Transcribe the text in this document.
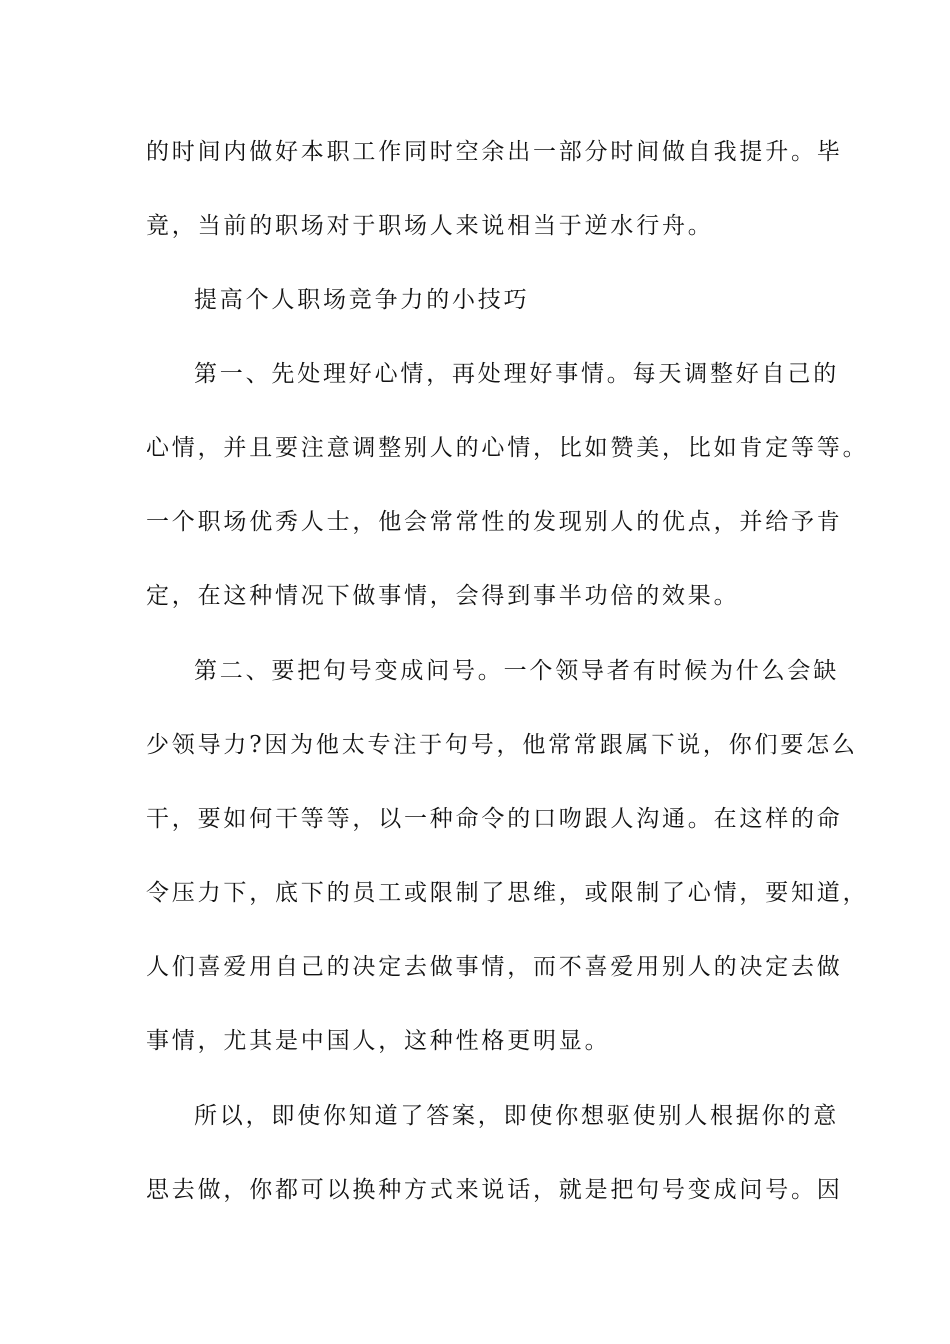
的时间内做好本职工作同时空余出一部分时间做自我提升。毕
竟，当前的职场对于职场人来说相当于逆水行舟。
提高个人职场竞争力的小技巧
第一、先处理好心情，再处理好事情。每天调整好自己的
心情，并且要注意调整别人的心情，比如赞美，比如肯定等等。
一个职场优秀人士，他会常常性的发现别人的优点，并给予肯
定，在这种情况下做事情，会得到事半功倍的效果。
第二、要把句号变成问号。一个领导者有时候为什么会缺
少领导力?因为他太专注于句号，他常常跟属下说，你们要怎么
干，要如何干等等，以一种命令的口吻跟人沟通。在这样的命
令压力下，底下的员工或限制了思维，或限制了心情，要知道，
人们喜爱用自己的决定去做事情，而不喜爱用别人的决定去做
事情，尤其是中国人，这种性格更明显。
所以，即使你知道了答案，即使你想驱使别人根据你的意
思去做，你都可以换种方式来说话，就是把句号变成问号。因
